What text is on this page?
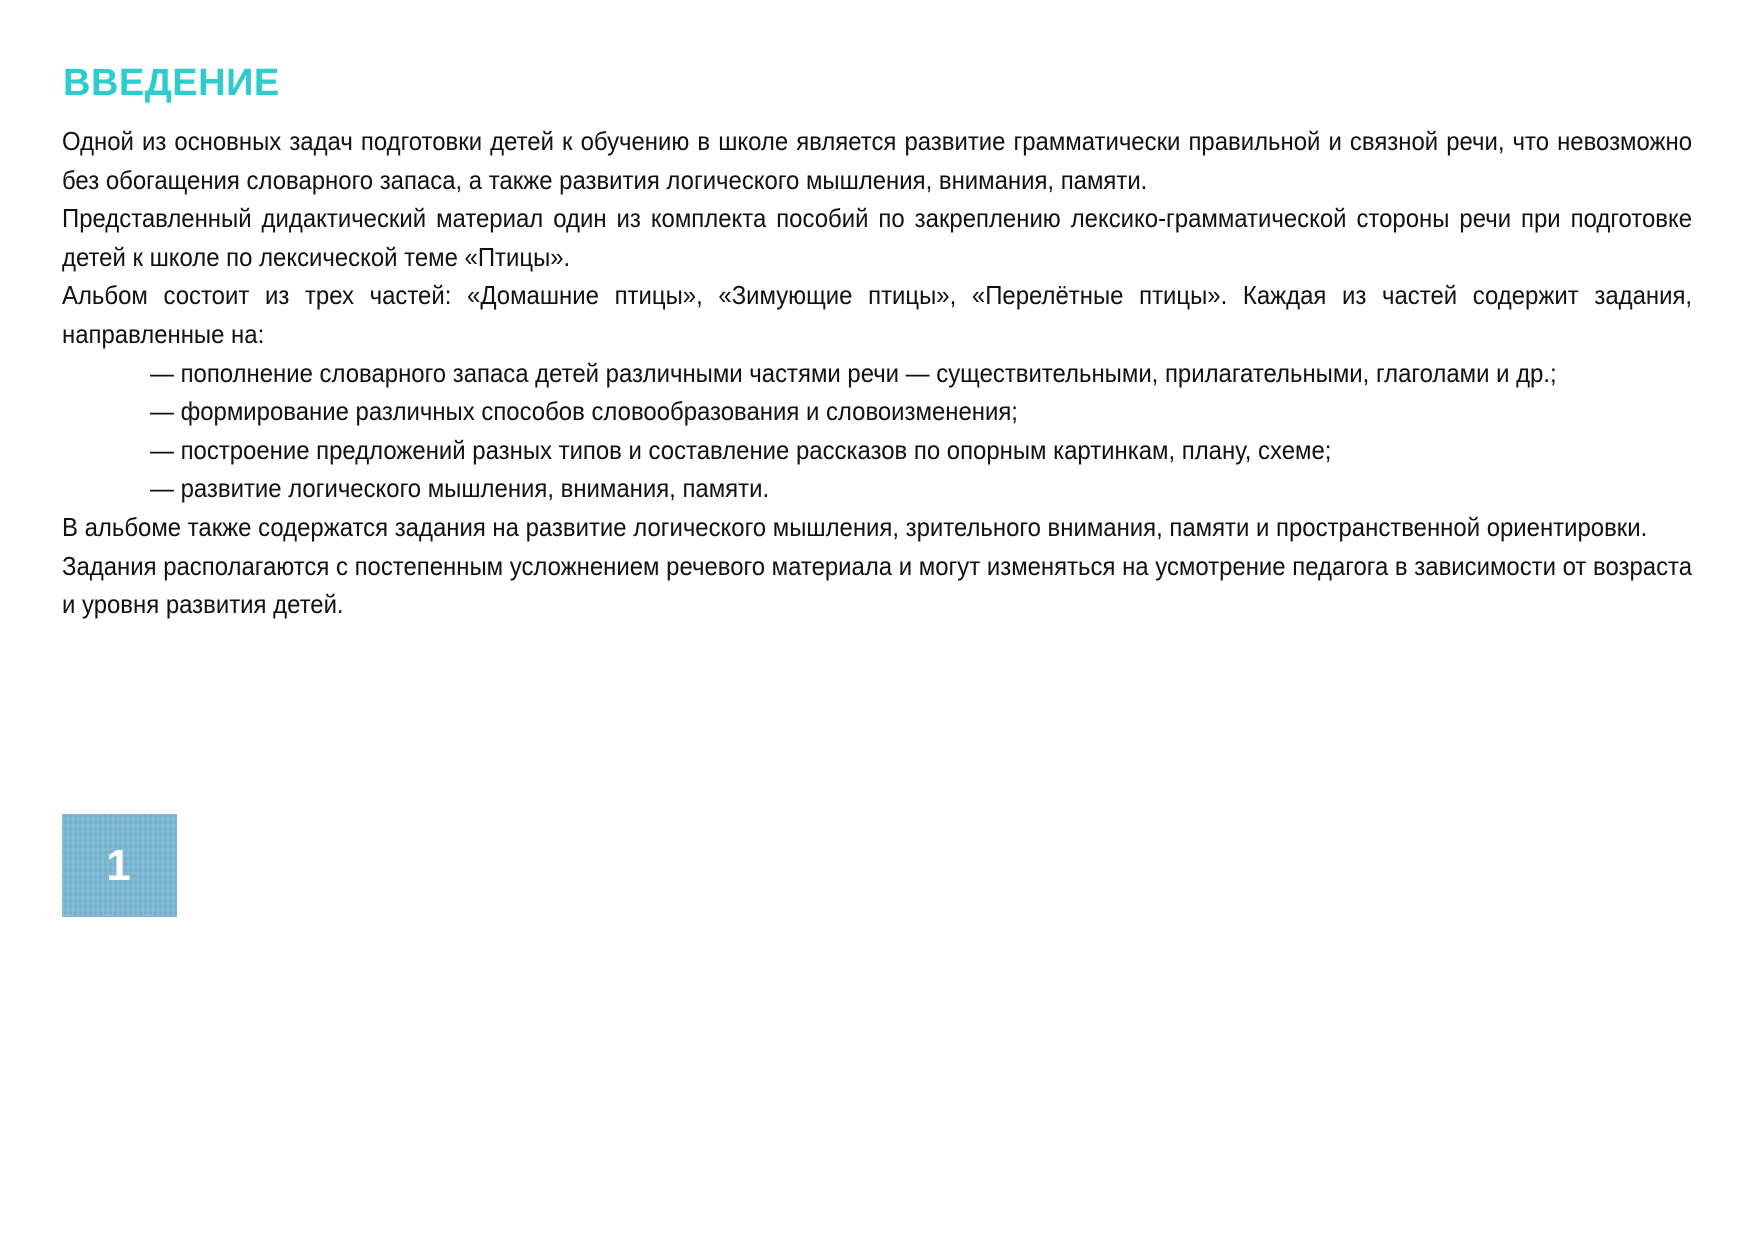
ВВЕДЕНИЕ

Одной из основных задач подготовки детей к обучению в школе является развитие грамматически правильной и связной речи, что невозможно без обогащения словарного запаса, а также развития логического мышления, внимания, памяти.

Представленный дидактический материал один из комплекта пособий по закреплению лексико-грамматической стороны речи при подготовке детей к школе по лексической теме «Птицы».

Альбом состоит из трех частей: «Домашние птицы», «Зимующие птицы», «Перелётные птицы». Каждая из частей содержит задания, направленные на:

— пополнение словарного запаса детей различными частями речи — существительными, прилагательными, глаголами и др.;
— формирование различных способов словообразования и словоизменения;
— построение предложений разных типов и составление рассказов по опорным картинкам, плану, схеме;
— развитие логического мышления, внимания, памяти.

В альбоме также содержатся задания на развитие логического мышления, зрительного внимания, памяти и пространственной ориентировки.

Задания располагаются с постепенным усложнением речевого материала и могут изменяться на усмотрение педагога в зависимости от возраста и уровня развития детей.

1
